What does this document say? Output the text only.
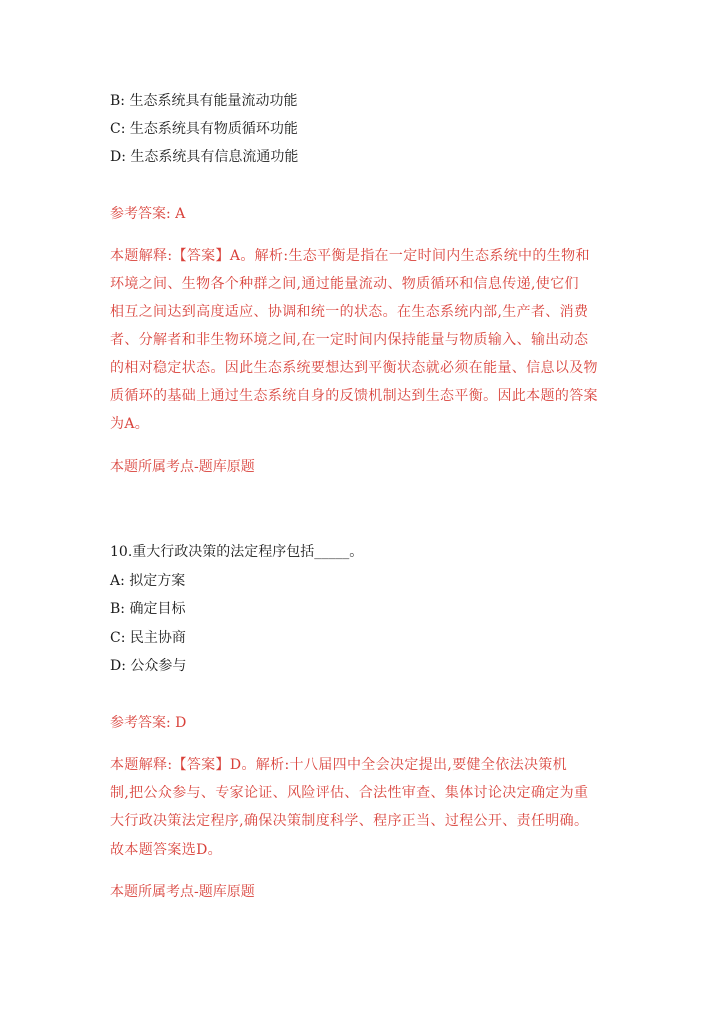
B: 生态系统具有能量流动功能

C: 生态系统具有物质循环功能

D: 生态系统具有信息流通功能

参考答案: A

本题解释:【答案】A。解析:生态平衡是指在一定时间内生态系统中的生物和

环境之间、生物各个种群之间,通过能量流动、物质循环和信息传递,使它们

相互之间达到高度适应、协调和统一的状态。在生态系统内部,生产者、消费

者、分解者和非生物环境之间,在一定时间内保持能量与物质输入、输出动态

的相对稳定状态。因此生态系统要想达到平衡状态就必须在能量、信息以及物

质循环的基础上通过生态系统自身的反馈机制达到生态平衡。因此本题的答案

为A。

本题所属考点-题库原题

10.重大行政决策的法定程序包括_____。

A: 拟定方案

B: 确定目标

C: 民主协商

D: 公众参与

参考答案: D

本题解释:【答案】D。解析:十八届四中全会决定提出,要健全依法决策机

制,把公众参与、专家论证、风险评估、合法性审查、集体讨论决定确定为重

大行政决策法定程序,确保决策制度科学、程序正当、过程公开、责任明确。

故本题答案选D。

本题所属考点-题库原题
